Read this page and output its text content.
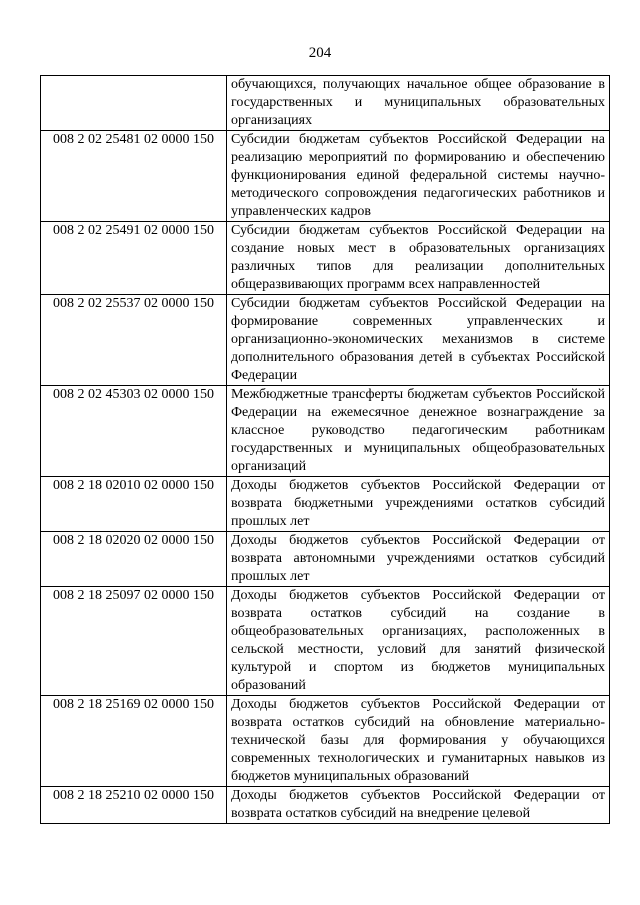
204
	обучающихся, получающих начальное общее образование в государственных и муниципальных образовательных организациях
008 2 02 25481 02 0000 150	Субсидии бюджетам субъектов Российской Федерации на реализацию мероприятий по формированию и обеспечению функционирования единой федеральной системы научно-методического сопровождения педагогических работников и управленческих кадров
008 2 02 25491 02 0000 150	Субсидии бюджетам субъектов Российской Федерации на создание новых мест в образовательных организациях различных типов для реализации дополнительных общеразвивающих программ всех направленностей
008 2 02 25537 02 0000 150	Субсидии бюджетам субъектов Российской Федерации на формирование современных управленческих и организационно-экономических механизмов в системе дополнительного образования детей в субъектах Российской Федерации
008 2 02 45303 02 0000 150	Межбюджетные трансферты бюджетам субъектов Российской Федерации на ежемесячное денежное вознаграждение за классное руководство педагогическим работникам государственных и муниципальных общеобразовательных организаций
008 2 18 02010 02 0000 150	Доходы бюджетов субъектов Российской Федерации от возврата бюджетными учреждениями остатков субсидий прошлых лет
008 2 18 02020 02 0000 150	Доходы бюджетов субъектов Российской Федерации от возврата автономными учреждениями остатков субсидий прошлых лет
008 2 18 25097 02 0000 150	Доходы бюджетов субъектов Российской Федерации от возврата остатков субсидий на создание в общеобразовательных организациях, расположенных в сельской местности, условий для занятий физической культурой и спортом из бюджетов муниципальных образований
008 2 18 25169 02 0000 150	Доходы бюджетов субъектов Российской Федерации от возврата остатков субсидий на обновление материально-технической базы для формирования у обучающихся современных технологических и гуманитарных навыков из бюджетов муниципальных образований
008 2 18 25210 02 0000 150	Доходы бюджетов субъектов Российской Федерации от возврата остатков субсидий на внедрение целевой
